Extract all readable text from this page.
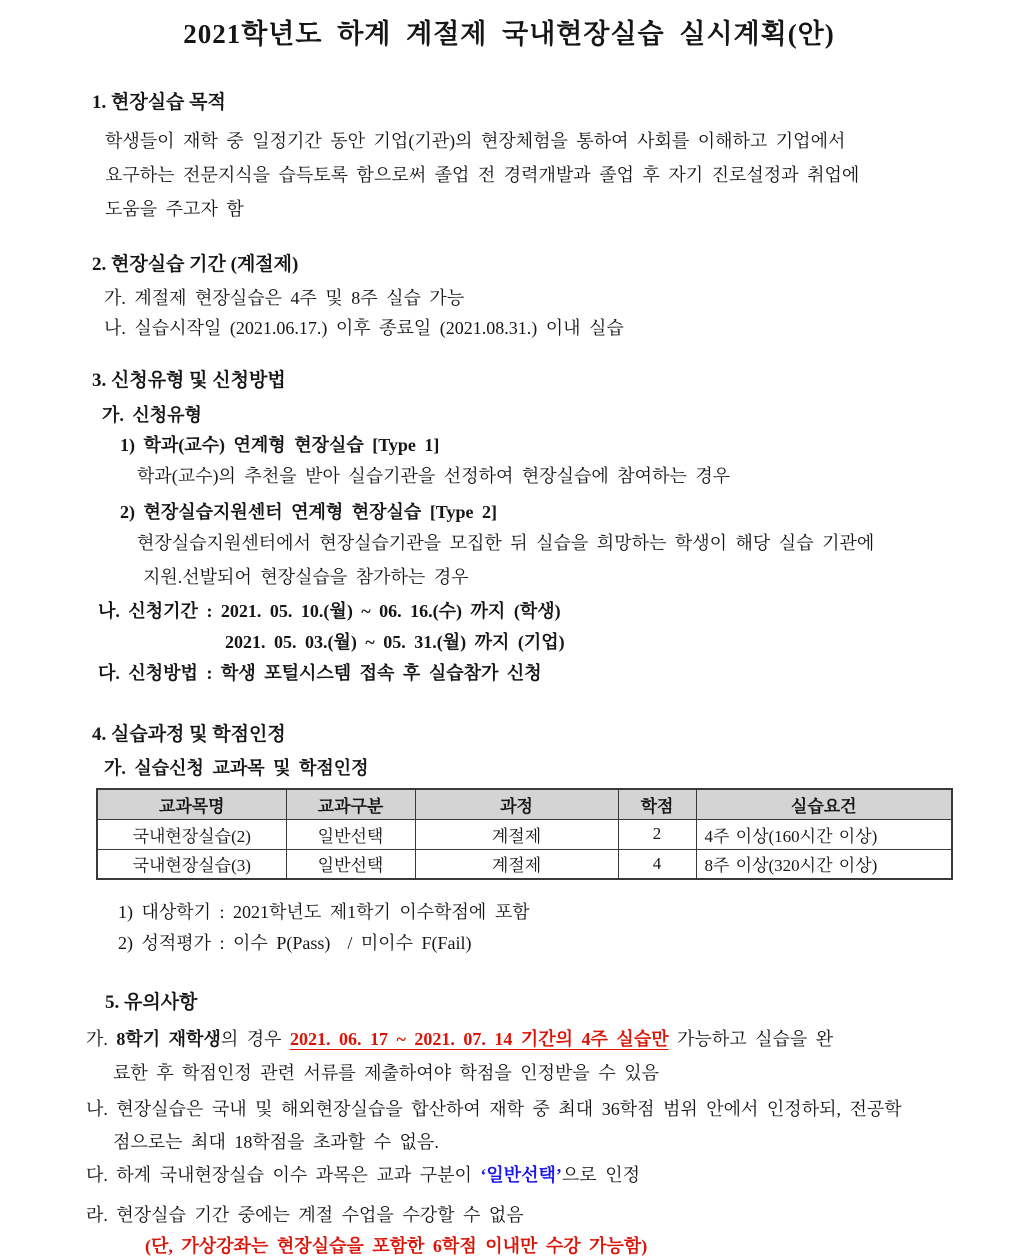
2021학년도 하계 계절제 국내현장실습 실시계획(안)
1. 현장실습 목적
학생들이 재학 중 일정기간 동안 기업(기관)의 현장체험을 통하여 사회를 이해하고 기업에서
요구하는 전문지식을 습득토록 함으로써 졸업 전 경력개발과 졸업 후 자기 진로설정과 취업에
도움을 주고자 함
2. 현장실습 기간 (계절제)
가. 계절제 현장실습은 4주 및 8주 실습 가능
나. 실습시작일 (2021.06.17.) 이후 종료일 (2021.08.31.) 이내 실습
3. 신청유형 및 신청방법
가. 신청유형
1) 학과(교수) 연계형 현장실습 [Type 1]
학과(교수)의 추천을 받아 실습기관을 선정하여 현장실습에 참여하는 경우
2) 현장실습지원센터 연계형 현장실습 [Type 2]
현장실습지원센터에서 현장실습기관을 모집한 뒤 실습을 희망하는 학생이 해당 실습 기관에
지원.선발되어 현장실습을 참가하는 경우
나. 신청기간 : 2021. 05. 10.(월) ~ 06. 16.(수) 까지 (학생)
2021. 05. 03.(월) ~ 05. 31.(월) 까지 (기업)
다. 신청방법 : 학생 포털시스템 접속 후 실습참가 신청
4. 실습과정 및 학점인정
가. 실습신청 교과목 및 학점인정
교과목명	교과구분	과정	학점	실습요건
국내현장실습(2)	일반선택	계절제	2	4주 이상(160시간 이상)
국내현장실습(3)	일반선택	계절제	4	8주 이상(320시간 이상)
1) 대상학기 : 2021학년도 제1학기 이수학점에 포함
2) 성적평가 : 이수 P(Pass)  / 미이수 F(Fail)
5. 유의사항
가. 8학기 재학생의 경우 2021. 06. 17 ~ 2021. 07. 14 기간의 4주 실습만 가능하고 실습을 완
료한 후 학점인정 관련 서류를 제출하여야 학점을 인정받을 수 있음
나. 현장실습은 국내 및 해외현장실습을 합산하여 재학 중 최대 36학점 범위 안에서 인정하되, 전공학
점으로는 최대 18학점을 초과할 수 없음.
다. 하계 국내현장실습 이수 과목은 교과 구분이 ‘일반선택’으로 인정
라. 현장실습 기간 중에는 계절 수업을 수강할 수 없음
(단, 가상강좌는 현장실습을 포함한 6학점 이내만 수강 가능함)
